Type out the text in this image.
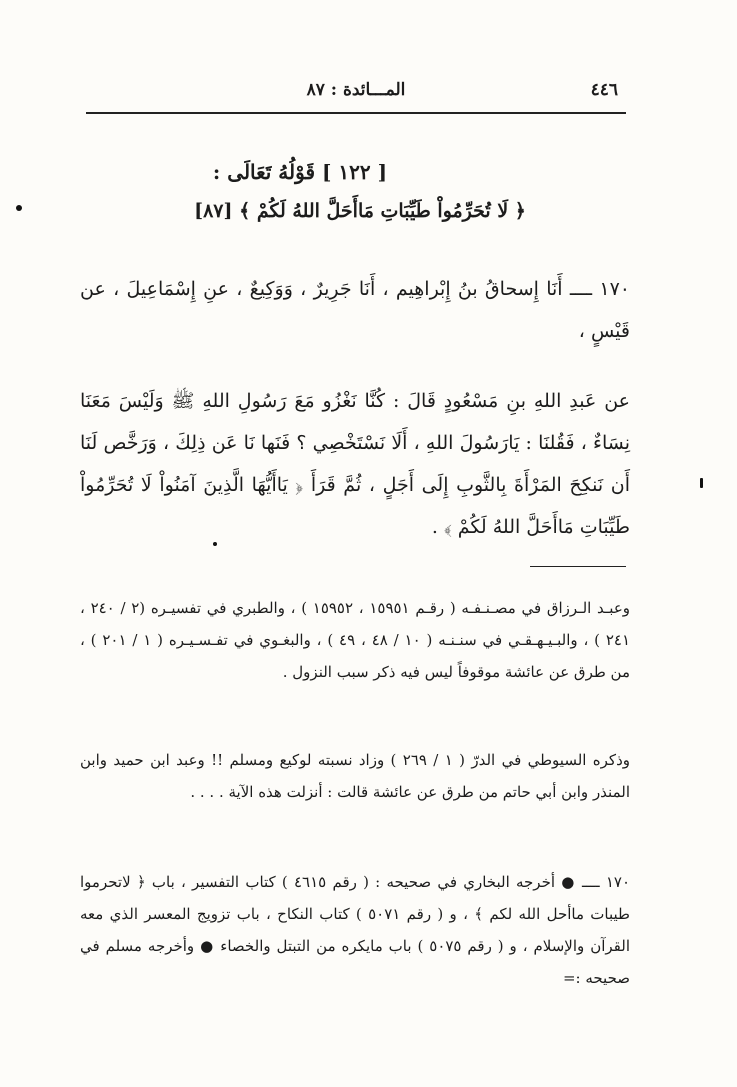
٤٤٦
المـــائدة : ٨٧
[ ١٢٢ ] قَوْلُهُ تَعَالَى :
﴿ لَا تُحَرِّمُواْ طَيِّبَاتِ مَاأَحَلَّ اللهُ لَكُمْ ﴾ [٨٧]
١٧٠ ــــ أَنَا إِسحاقُ بنُ إِبْراهِيم ، أَنَا جَرِيرٌ ، وَوَكِيعٌ ، عنِ إِسْمَاعِيلَ ، عن قَيْسٍ ،
عن عَبدِ اللهِ بنِ مَسْعُودٍ قَالَ : كُنَّا نَغْزُو مَعَ رَسُولِ اللهِ ﷺ وَلَيْسَ مَعَنَا نِسَاءٌ ، فَقُلنَا : يَارَسُولَ اللهِ ، أَلَا نَسْتَخْصِي ؟ فَنَها نَا عَن ذِلِكَ ، وَرَخَّص لَنَا أَن نَنكِحَ المَرْأَةَ بِالثَّوبِ إِلَى أَجَلٍ ، ثُمَّ قَرَأَ ﴿ يَاأَيُّهَا الَّذِينَ آمَنُواْ لَا تُحَرِّمُواْ طَيِّبَاتِ مَاأَحَلَّ اللهُ لَكُمْ ﴾ .
وعبـد الـرزاق في مصـنـفـه ( رقـم ١٥٩٥١ ، ١٥٩٥٢ ) ، والطبري في تفسيـره (٢ / ٢٤٠ ، ٢٤١ ) ، والبـيـهـقـي في سنـنـه ( ١٠ / ٤٨ ، ٤٩ ) ، والبغـوي في تفـسـيـره ( ١ / ٢٠١ ) ، من طرق عن عائشة موقوفاً ليس فيه ذكر سبب النزول .
وذكره السيوطي في الدرّ ( ١ / ٢٦٩ ) وزاد نسبته لوكيع ومسلم !! وعبد ابن حميد وابن المنذر وابن أبي حاتم من طرق عن عائشة قالت : أنزلت هذه الآية . . . .
١٧٠ ــــ ● أخرجه البخاري في صحيحه : ( رقم ٤٦١٥ ) كتاب التفسير ، باب ﴿ لاتحرموا طيبات ماأحل الله لكم ﴾ ، و ( رقم ٥٠٧١ ) كتاب النكاح ، باب تزويج المعسر الذي معه القرآن والإسلام ، و ( رقم ٥٠٧٥ ) باب مايكره من التبتل والخصاء ● وأخرجه مسلم في صحيحه :=
